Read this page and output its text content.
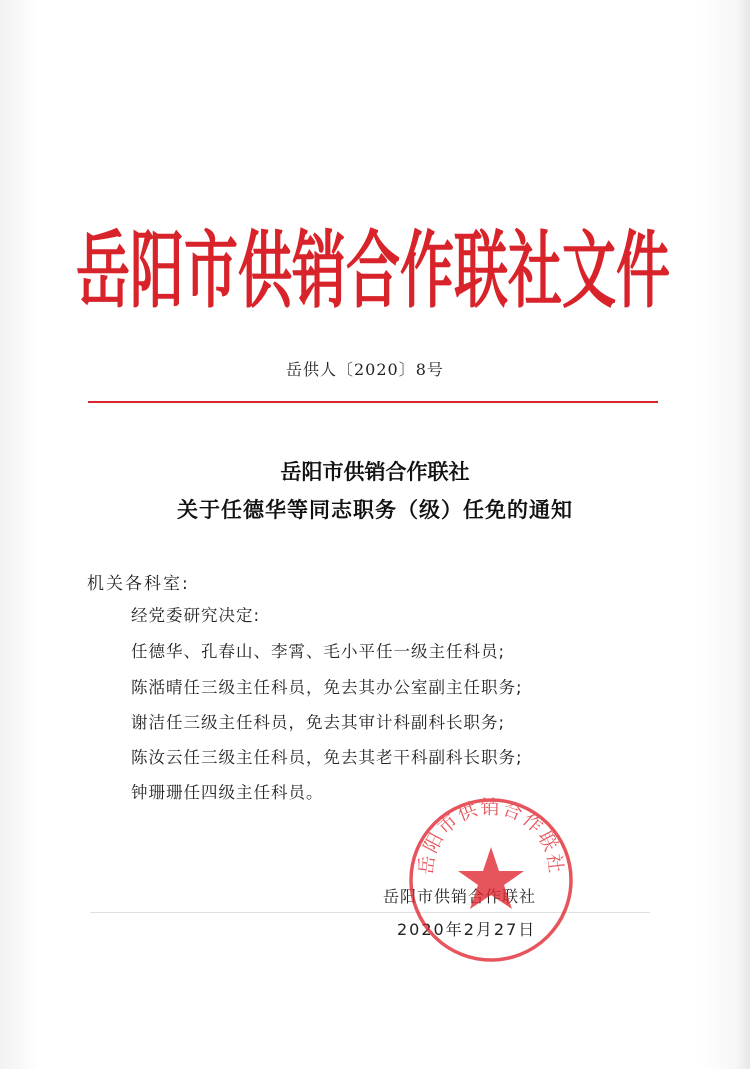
岳阳市供销合作联社文件
岳供人〔2020〕8号
岳阳市供销合作联社
关于任德华等同志职务（级）任免的通知
机关各科室:
经党委研究决定:
任德华、孔春山、李霄、毛小平任一级主任科员;
陈湉晴任三级主任科员，免去其办公室副主任职务;
谢洁任三级主任科员，免去其审计科副科长职务;
陈汝云任三级主任科员，免去其老干科副科长职务;
钟珊珊任四级主任科员。
岳阳市供销合作联社
2020年2月27日
岳阳市供销合作联社
